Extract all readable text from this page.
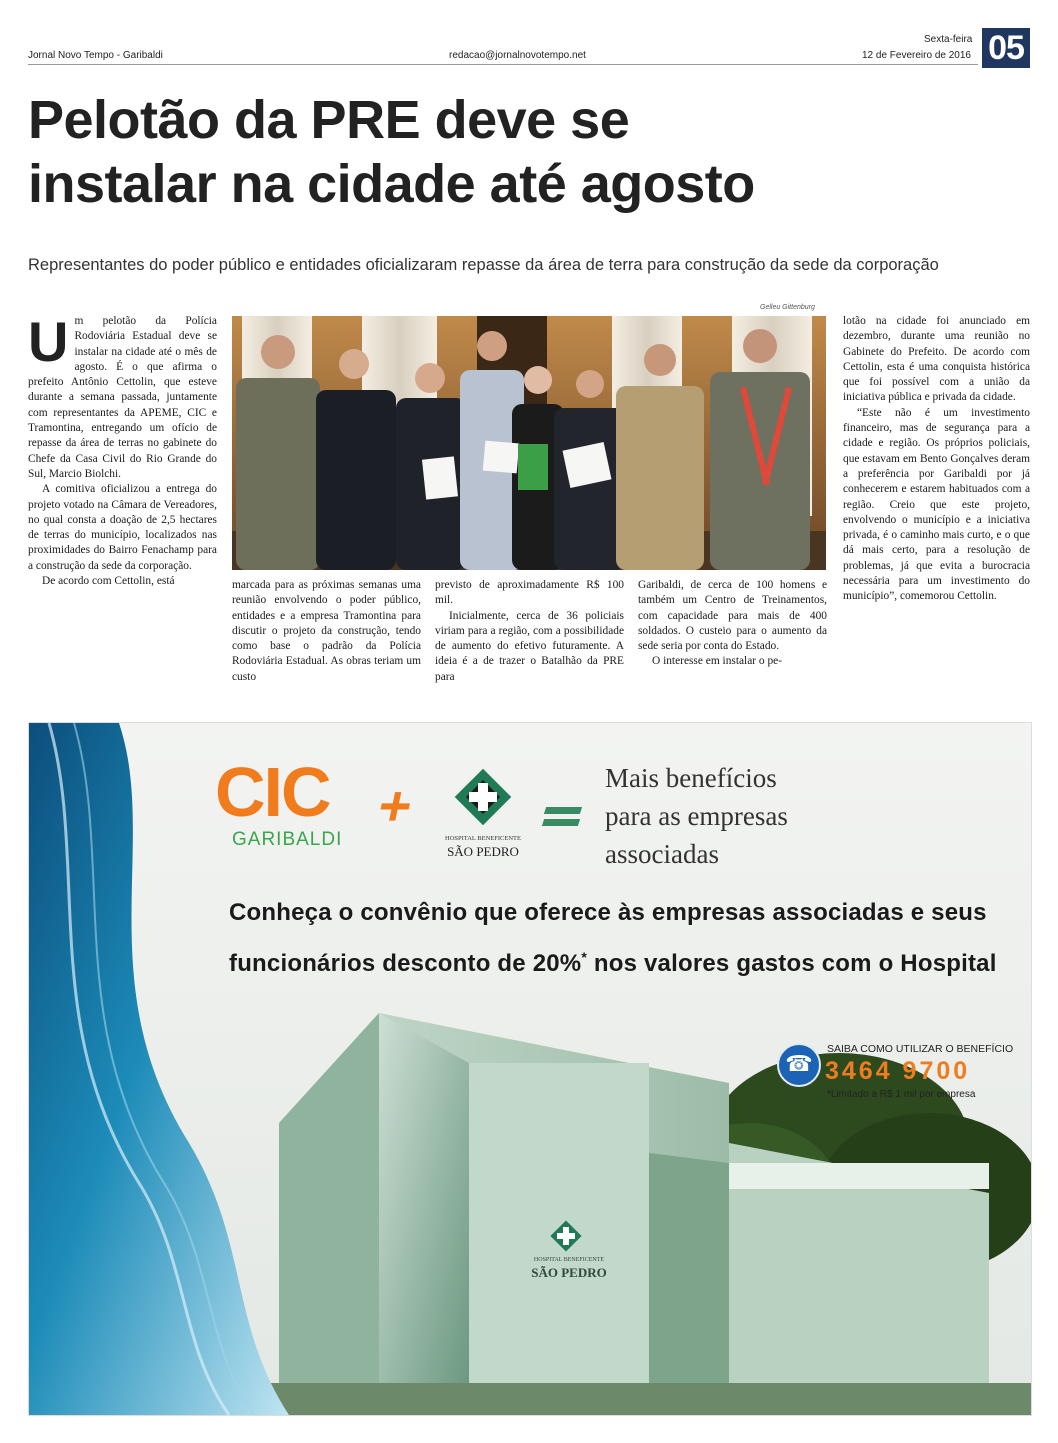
Jornal Novo Tempo - Garibaldi	redacao@jornalnovotempo.net
Sexta-feira
12 de Fevereiro de 2016 05
Pelotão da PRE deve se
instalar na cidade até agosto
Representantes do poder público e entidades oficializaram repasse da área de terra para construção da sede da corporação

Um pelotão da Polícia Rodoviária Estadual deve se instalar na cidade até o mês de agosto. É o que afirma o prefeito Antônio Cettolin, que esteve durante a semana passada, juntamente com representantes da APEME, CIC e Tramontina, entregando um ofício de repasse da área de terras no gabinete do Chefe da Casa Civil do Rio Grande do Sul, Marcio Biolchi.

A comitiva oficializou a entrega do projeto votado na Câmara de Vereadores, no qual consta a doação de 2,5 hectares de terras do município, localizados nas proximidades do Bairro Fenachamp para a construção da sede da corporação.

De acordo com Cettolin, está

Gelleu Gittenburg

marcada para as próximas semanas uma reunião envolvendo o poder público, entidades e a empresa Tramontina para discutir o projeto da construção, tendo como base o padrão da Polícia Rodoviária Estadual. As obras teriam um custo

previsto de aproximadamente R$ 100 mil.

Inicialmente, cerca de 36 policiais viriam para a região, com a possibilidade de aumento do efetivo futuramente. A ideia é a de trazer o Batalhão da PRE para

Garibaldi, de cerca de 100 homens e também um Centro de Treinamentos, com capacidade para mais de 400 soldados. O custeio para o aumento da sede seria por conta do Estado.

O interesse em instalar o pe-

lotão na cidade foi anunciado em dezembro, durante uma reunião no Gabinete do Prefeito. De acordo com Cettolin, esta é uma conquista histórica que foi possível com a união da iniciativa pública e privada da cidade.

“Este não é um investimento financeiro, mas de segurança para a cidade e região. Os próprios policiais, que estavam em Bento Gonçalves deram a preferência por Garibaldi por já conhecerem e estarem habituados com a região. Creio que este projeto, envolvendo o município e a iniciativa privada, é o caminho mais curto, e o que dá mais certo, para a resolução de problemas, já que evita a burocracia necessária para um investimento do município”, comemorou Cettolin.

CIC
GARIBALDI
+
HOSPITAL BENEFICENTE
SÃO PEDRO
Mais benefícios
para as empresas
associadas
Conheça o convênio que oferece às empresas associadas e seus
funcionários desconto de 20%* nos valores gastos com o Hospital
☎
SAIBA COMO UTILIZAR O BENEFÍCIO
3464 9700
*Limitado a R$ 1 mil por empresa
HOSPITAL BENEFICENTE
SÃO PEDRO
